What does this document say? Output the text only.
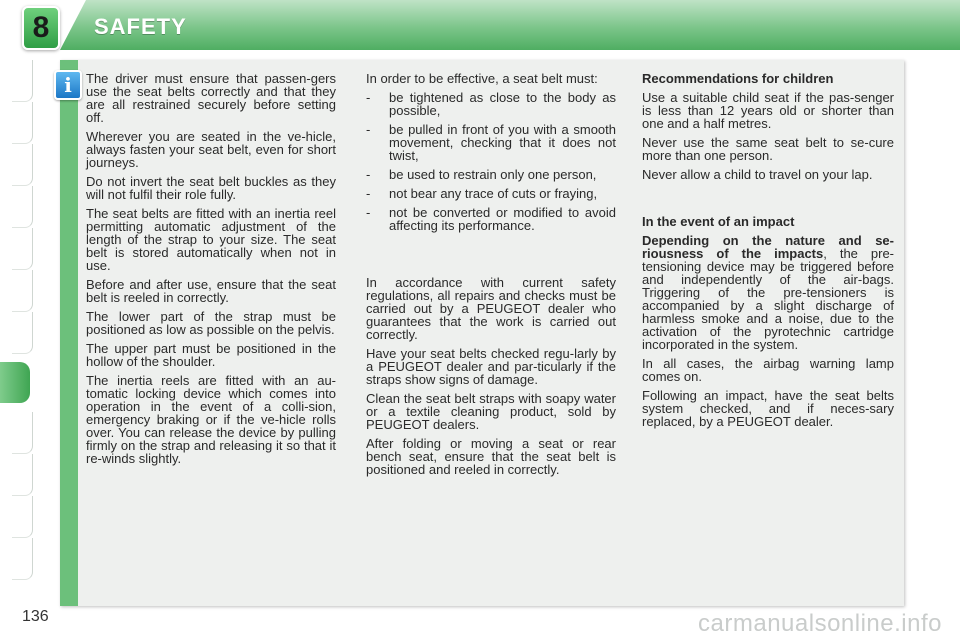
8	SAFETY
i	The driver must ensure that passen-gers use the seat belts correctly and that they are all restrained securely before setting off.

Wherever you are seated in the ve-hicle, always fasten your seat belt, even for short journeys.

Do not invert the seat belt buckles as they will not fulfil their role fully.

The seat belts are fitted with an inertia reel permitting automatic adjustment of the length of the strap to your size. The seat belt is stored automatically when not in use.

Before and after use, ensure that the seat belt is reeled in correctly.

The lower part of the strap must be positioned as low as possible on the pelvis.

The upper part must be positioned in the hollow of the shoulder.

The inertia reels are fitted with an au-tomatic locking device which comes into operation in the event of a colli-sion, emergency braking or if the ve-hicle rolls over. You can release the device by pulling firmly on the strap and releasing it so that it re-winds slightly.

In order to be effective, a seat belt must:

-	be tightened as close to the body as possible,
-	be pulled in front of you with a smooth movement, checking that it does not twist,
-	be used to restrain only one person,
-	not bear any trace of cuts or fraying,
-	not be converted or modified to avoid affecting its performance.

In accordance with current safety regulations, all repairs and checks must be carried out by a PEUGEOT dealer who guarantees that the work is carried out correctly.

Have your seat belts checked regu-larly by a PEUGEOT dealer and par-ticularly if the straps show signs of damage.

Clean the seat belt straps with soapy water or a textile cleaning product, sold by PEUGEOT dealers.

After folding or moving a seat or rear bench seat, ensure that the seat belt is positioned and reeled in correctly.

Recommendations for children

Use a suitable child seat if the pas-senger is less than 12 years old or shorter than one and a half metres.

Never use the same seat belt to se-cure more than one person.

Never allow a child to travel on your lap.

In the event of an impact

Depending on the nature and se-riousness of the impacts, the pre-tensioning device may be triggered before and independently of the air-bags. Triggering of the pre-tensioners is accompanied by a slight discharge of harmless smoke and a noise, due to the activation of the pyrotechnic cartridge incorporated in the system.

In all cases, the airbag warning lamp comes on.

Following an impact, have the seat belts system checked, and if neces-sary replaced, by a PEUGEOT dealer.

136	carmanualsonline.info
